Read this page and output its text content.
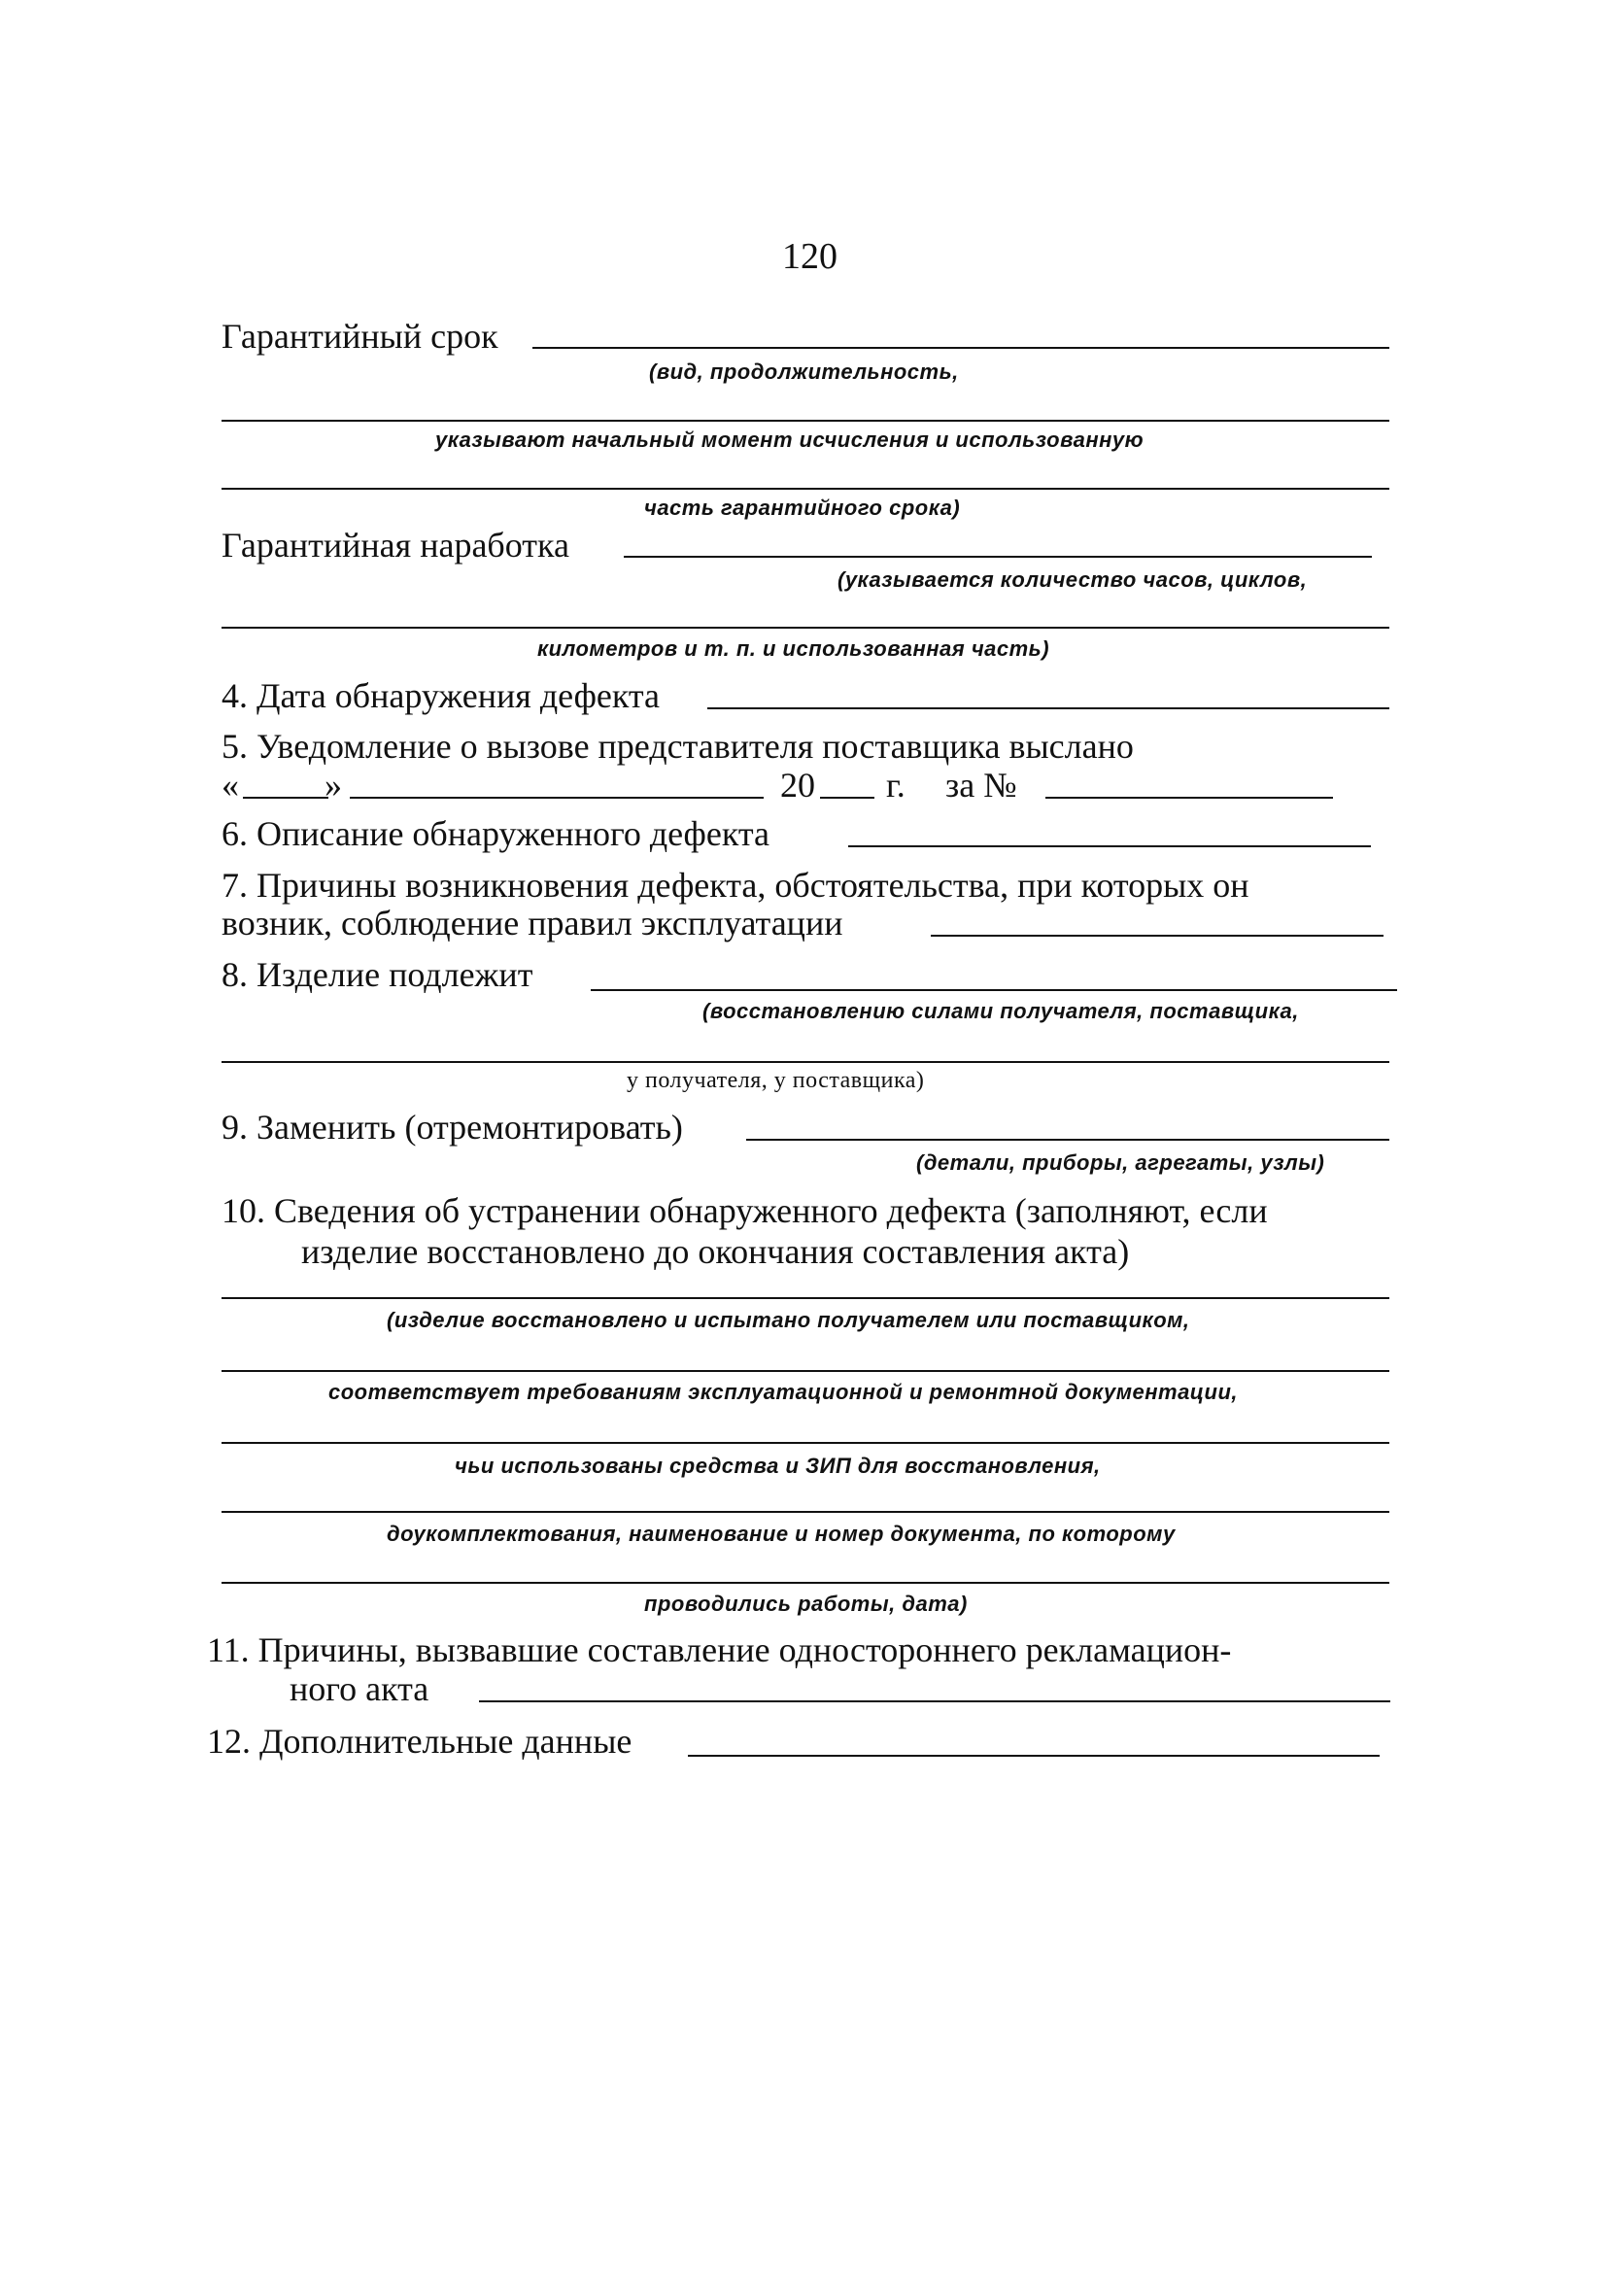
120
Гарантийный срок
(вид, продолжительность,
указывают начальный момент исчисления и использованную
часть гарантийного срока)
Гарантийная наработка
(указывается количество часов, циклов,
километров и т. п. и использованная часть)
4. Дата обнаружения дефекта
5. Уведомление о вызове представителя поставщика выслано
« »	20 г. за №
6. Описание обнаруженного дефекта
7. Причины возникновения дефекта, обстоятельства, при которых он
возник, соблюдение правил эксплуатации
8. Изделие подлежит
(восстановлению силами получателя, поставщика,
у получателя, у поставщика)
9. Заменить (отремонтировать)
(детали, приборы, агрегаты, узлы)
10. Сведения об устранении обнаруженного дефекта (заполняют, если
изделие восстановлено до окончания составления акта)
(изделие восстановлено и испытано получателем или поставщиком,
соответствует требованиям эксплуатационной и ремонтной документации,
чьи использованы средства и ЗИП для восстановления,
доукомплектования, наименование и номер документа, по которому
проводились работы, дата)
11. Причины, вызвавшие составление одностороннего рекламацион-
ного акта
12. Дополнительные данные
